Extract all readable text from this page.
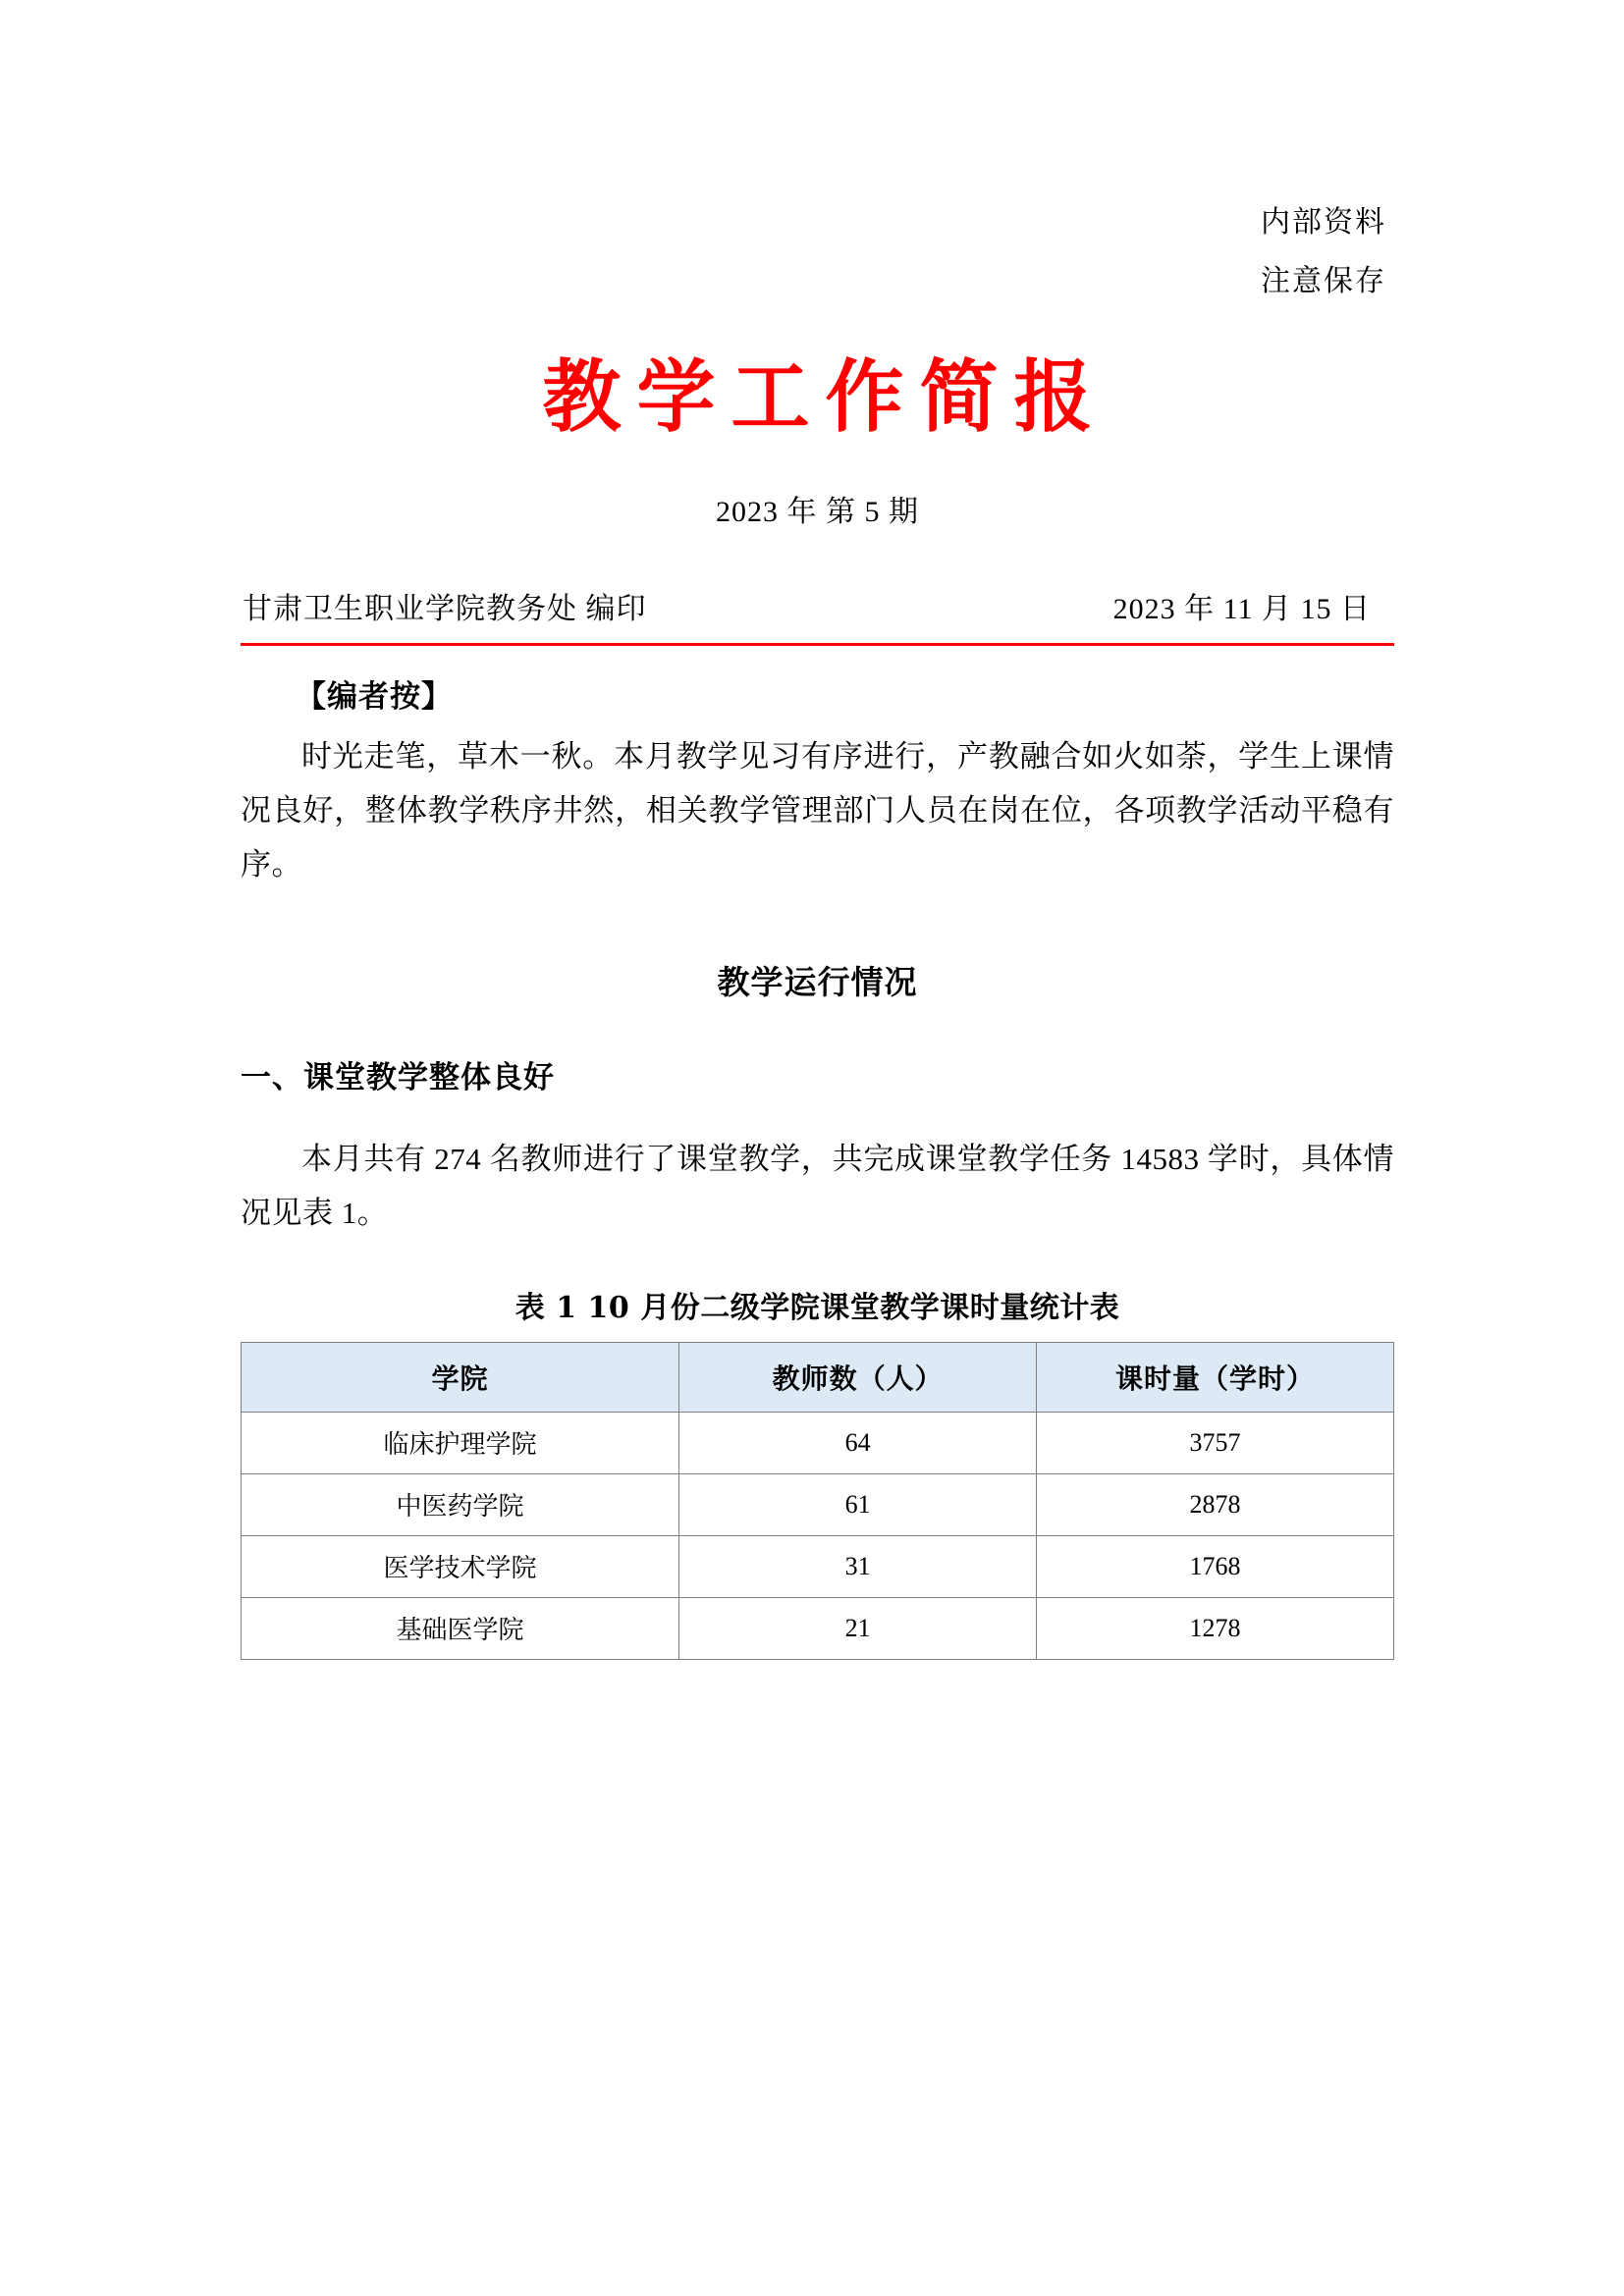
内部资料
注意保存
教学工作简报
2023 年 第 5 期
甘肃卫生职业学院教务处 编印	2023 年 11 月 15 日
【编者按】

时光走笔，草木一秋。本月教学见习有序进行，产教融合如火如荼，学生上课情况良好，整体教学秩序井然，相关教学管理部门人员在岗在位，各项教学活动平稳有序。

教学运行情况
一、课堂教学整体良好

本月共有 274 名教师进行了课堂教学，共完成课堂教学任务 14583 学时，具体情况见表 1。

表 1 10 月份二级学院课堂教学课时量统计表
学院	教师数（人）	课时量（学时）
临床护理学院	64	3757
中医药学院	61	2878
医学技术学院	31	1768
基础医学院	21	1278
